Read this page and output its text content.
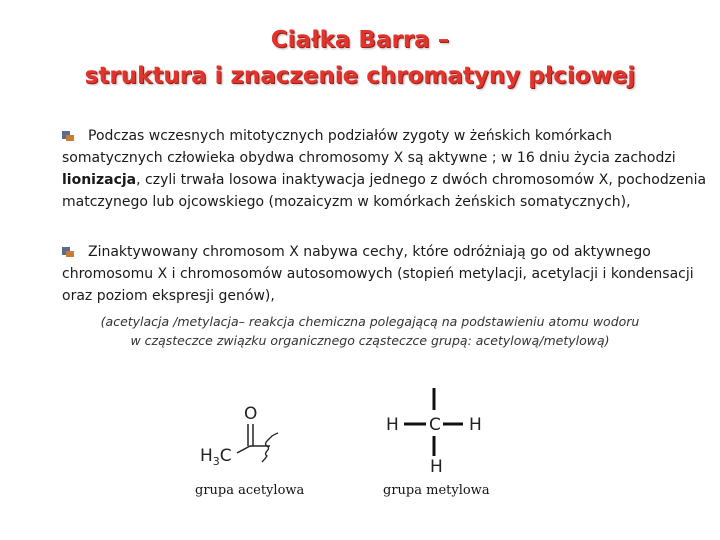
Ciałka Barra –
struktura i znaczenie chromatyny płciowej
Podczas wczesnych mitotycznych podziałów zygoty w żeńskich komórkach somatycznych człowieka obydwa chromosomy X są aktywne ; w 16 dniu życia zachodzi lionizacja, czyli trwała losowa inaktywacja jednego z dwóch chromosomów X, pochodzenia matczynego lub ojcowskiego (mozaicyzm w komórkach żeńskich somatycznych),
Zinaktywowany chromosom X nabywa cechy, które odróżniają go od aktywnego chromosomu X i chromosomów autosomowych (stopień metylacji, acetylacji i kondensacji oraz poziom ekspresji genów),
(acetylacja /metylacja– reakcja chemiczna polegającą na podstawieniu atomu wodoru
w cząsteczce związku organicznego cząsteczce grupą: acetylową/metylową)
O
$H_3C$
H C H
H
grupa acetylowa	grupa metylowa
